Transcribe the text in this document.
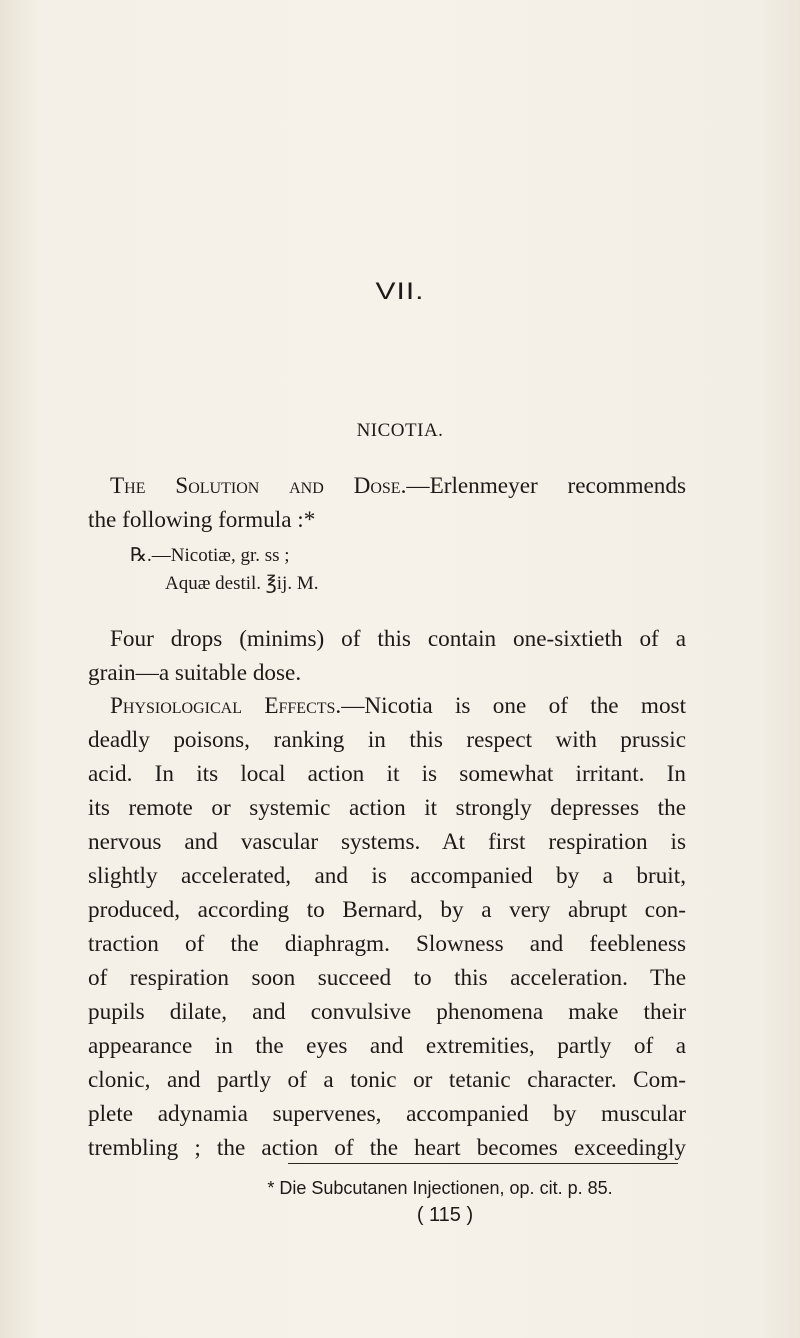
VII.
NICOTIA.
The Solution and Dose.—Erlenmeyer recommends
the following formula :*
℞.—Nicotiæ, gr. ss ;
Aquæ destil. ℥ij. M.
Four drops (minims) of this contain one-sixtieth of a
grain—a suitable dose.
Physiological Effects.—Nicotia is one of the most
deadly poisons, ranking in this respect with prussic
acid. In its local action it is somewhat irritant. In
its remote or systemic action it strongly depresses the
nervous and vascular systems. At first respiration is
slightly accelerated, and is accompanied by a bruit,
produced, according to Bernard, by a very abrupt con-
traction of the diaphragm. Slowness and feebleness
of respiration soon succeed to this acceleration. The
pupils dilate, and convulsive phenomena make their
appearance in the eyes and extremities, partly of a
clonic, and partly of a tonic or tetanic character. Com-
plete adynamia supervenes, accompanied by muscular
trembling ; the action of the heart becomes exceedingly
* Die Subcutanen Injectionen, op. cit. p. 85.
( 115 )
